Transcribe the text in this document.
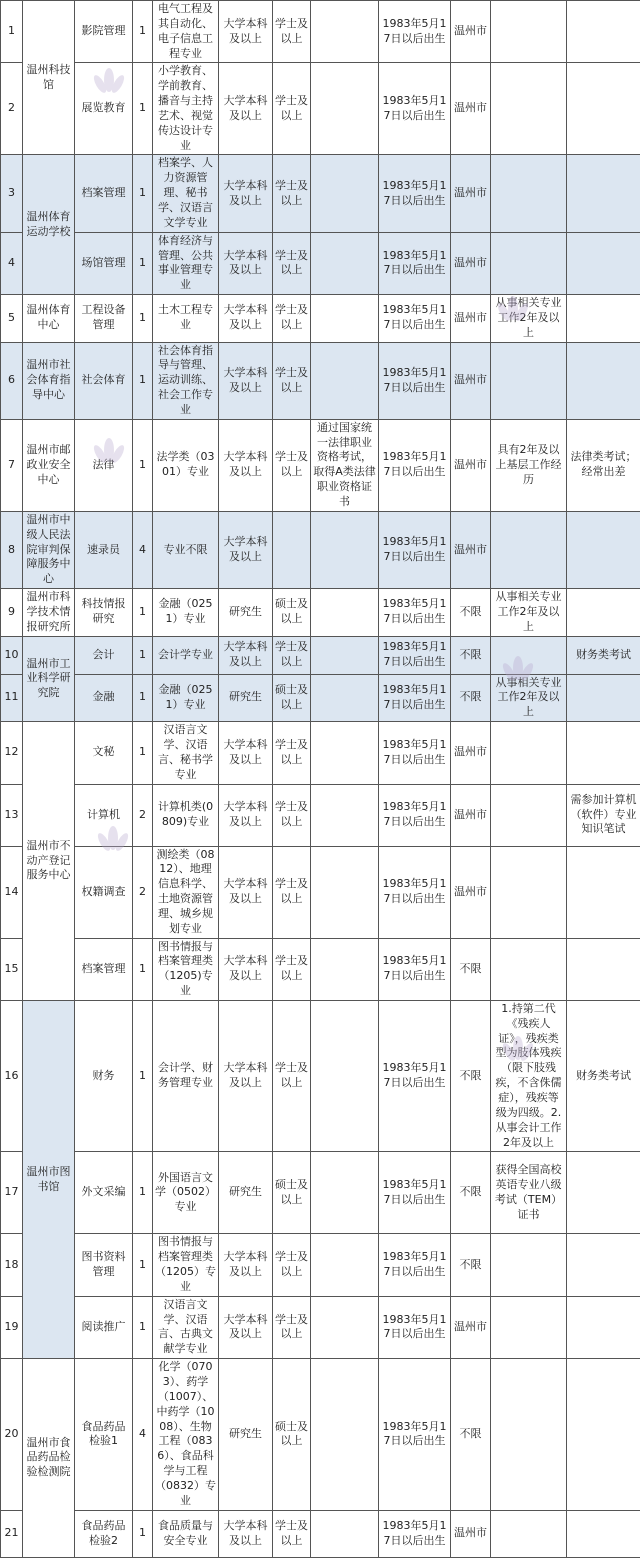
1	温州科技馆	影院管理	1	电气工程及其自动化、电子信息工程专业	大学本科及以上	学士及以上		1983年5月17日以后出生	温州市		
2		展览教育	1	小学教育、学前教育、播音与主持艺术、视觉传达设计专业	大学本科及以上	学士及以上		1983年5月17日以后出生	温州市		
3	温州体育运动学校	档案管理	1	档案学、人力资源管理、秘书学、汉语言文学专业	大学本科及以上	学士及以上		1983年5月17日以后出生	温州市		
4		场馆管理	1	体育经济与管理、公共事业管理专业	大学本科及以上	学士及以上		1983年5月17日以后出生	温州市		
5	温州体育中心	工程设备管理	1	土木工程专业	大学本科及以上	学士及以上		1983年5月17日以后出生	温州市	从事相关专业工作2年及以上	
6	温州市社会体育指导中心	社会体育	1	社会体育指导与管理、运动训练、社会工作专业	大学本科及以上	学士及以上		1983年5月17日以后出生	温州市		
7	温州市邮政业安全中心	法律	1	法学类（0301）专业	大学本科及以上	学士及以上	通过国家统一法律职业资格考试，取得A类法律职业资格证书	1983年5月17日以后出生	温州市	具有2年及以上基层工作经历	法律类考试；经常出差
8	温州市中级人民法院审判保障服务中心	速录员	4	专业不限	大学本科及以上			1983年5月17日以后出生	温州市		
9	温州市科学技术情报研究所	科技情报研究	1	金融（0251）专业	研究生	硕士及以上		1983年5月17日以后出生	不限	从事相关专业工作2年及以上	
10	温州市工业科学研究院	会计	1	会计学专业	大学本科及以上	学士及以上		1983年5月17日以后出生	不限		财务类考试
11		金融	1	金融（0251）专业	研究生	硕士及以上		1983年5月17日以后出生	不限	从事相关专业工作2年及以上	
12	温州市不动产登记服务中心	文秘	1	汉语言文学、汉语言、秘书学专业	大学本科及以上	学士及以上		1983年5月17日以后出生	温州市		
13		计算机	2	计算机类(0809)专业	大学本科及以上	学士及以上		1983年5月17日以后出生	温州市		需参加计算机（软件）专业知识笔试
14		权籍调查	2	测绘类（0812）、地理信息科学、土地资源管理、城乡规划专业	大学本科及以上	学士及以上		1983年5月17日以后出生	温州市		
15		档案管理	1	图书情报与档案管理类（1205)专业	大学本科及以上	学士及以上		1983年5月17日以后出生	不限		
16	温州市图书馆	财务	1	会计学、财务管理专业	大学本科及以上	学士及以上		1983年5月17日以后出生	不限	1.持第二代《残疾人证》，残疾类型为肢体残疾（限下肢残疾，不含侏儒症），残疾等级为四级。2.从事会计工作2年及以上	财务类考试
17		外文采编	1	外国语言文学（0502）专业	研究生	硕士及以上		1983年5月17日以后出生	不限	获得全国高校英语专业八级考试（TEM）证书	
18		图书资料管理	1	图书情报与档案管理类（1205）专业	大学本科及以上	学士及以上		1983年5月17日以后出生	不限		
19		阅读推广	1	汉语言文学、汉语言、古典文献学专业	大学本科及以上	学士及以上		1983年5月17日以后出生	温州市		
20	温州市食品药品检验检测院	食品药品检验1	4	化学（0703）、药学（1007）、中药学（1008）、生物工程（0836）、食品科学与工程（0832）专业	研究生	硕士及以上		1983年5月17日以后出生	不限		
21		食品药品检验2	1	食品质量与安全专业	大学本科及以上	学士及以上		1983年5月17日以后出生	温州市		
